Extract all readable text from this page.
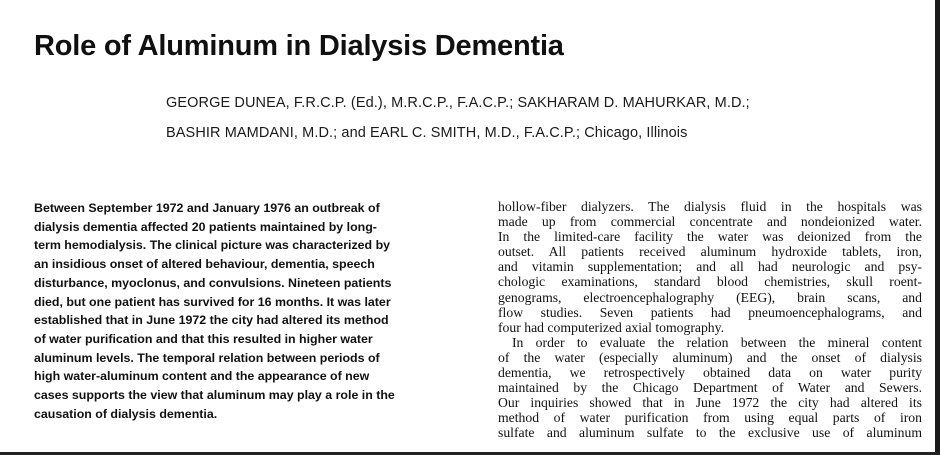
Role of Aluminum in Dialysis Dementia
GEORGE DUNEA, F.R.C.P. (Ed.), M.R.C.P., F.A.C.P.; SAKHARAM D. MAHURKAR, M.D.;
BASHIR MAMDANI, M.D.; and EARL C. SMITH, M.D., F.A.C.P.; Chicago, Illinois
Between September 1972 and January 1976 an outbreak of
dialysis dementia affected 20 patients maintained by long-
term hemodialysis. The clinical picture was characterized by
an insidious onset of altered behaviour, dementia, speech
disturbance, myoclonus, and convulsions. Nineteen patients
died, but one patient has survived for 16 months. It was later
established that in June 1972 the city had altered its method
of water purification and that this resulted in higher water
aluminum levels. The temporal relation between periods of
high water-aluminum content and the appearance of new
cases supports the view that aluminum may play a role in the
causation of dialysis dementia.
hollow-fiber dialyzers. The dialysis fluid in the hospitals was
made up from commercial concentrate and nondeionized water.
In the limited-care facility the water was deionized from the
outset. All patients received aluminum hydroxide tablets, iron,
and vitamin supplementation; and all had neurologic and psy-
chologic examinations, standard blood chemistries, skull roent-
genograms, electroencephalography (EEG), brain scans, and
flow studies. Seven patients had pneumoencephalograms, and
four had computerized axial tomography.
In order to evaluate the relation between the mineral content
of the water (especially aluminum) and the onset of dialysis
dementia, we retrospectively obtained data on water purity
maintained by the Chicago Department of Water and Sewers.
Our inquiries showed that in June 1972 the city had altered its
method of water purification from using equal parts of iron
sulfate and aluminum sulfate to the exclusive use of aluminum
